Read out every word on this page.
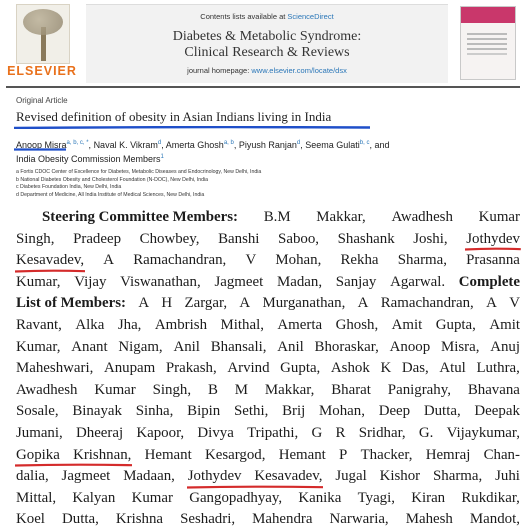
ELSEVIER
Contents lists available at ScienceDirect
Diabetes & Metabolic Syndrome:
Clinical Research & Reviews
journal homepage: www.elsevier.com/locate/dsx
Original Article
Revised definition of obesity in Asian Indians living in India
Anoop Misra$^{a, b, c, *}$, Naval K. Vikram$^d$, Amerta Ghosh$^{a, b}$, Piyush Ranjan$^d$, Seema Gulati$^{b, c}$, and
India Obesity Commission Members$^1$
a Fortis CDOC Center of Excellence for Diabetes, Metabolic Diseases and Endocrinology, New Delhi, India
b National Diabetes Obesity and Cholesterol Foundation (N-DOC), New Delhi, India
c Diabetes Foundation India, New Delhi, India
d Department of Medicine, All India Institute of Medical Sciences, New Delhi, India
Steering Committee Members: B.M Makkar, Awadhesh Kumar
Singh, Pradeep Chowbey, Banshi Saboo, Shashank Joshi, Jothydev
Kesavadev, A Ramachandran, V Mohan, Rekha Sharma, Prasanna
Kumar, Vijay Viswanathan, Jagmeet Madan, Sanjay Agarwal. Complete
List of Members: A H Zargar, A Murganathan, A Ramachandran, A V
Ravant, Alka Jha, Ambrish Mithal, Amerta Ghosh, Amit Gupta, Amit
Kumar, Anant Nigam, Anil Bhansali, Anil Bhoraskar, Anoop Misra, Anuj
Maheshwari, Anupam Prakash, Arvind Gupta, Ashok K Das, Atul Luthra,
Awadhesh Kumar Singh, B M Makkar, Bharat Panigrahy, Bhavana
Sosale, Binayak Sinha, Bipin Sethi, Brij Mohan, Deep Dutta, Deepak
Jumani, Dheeraj Kapoor, Divya Tripathi, G R Sridhar, G. Vijaykumar,
Gopika Krishnan, Hemant Kesargod, Hemant P Thacker, Hemraj Chan-
dalia, Jagmeet Madaan, Jothydev Kesavadev, Jugal Kishor Sharma, Juhi
Mittal, Kalyan Kumar Gangopadhyay, Kanika Tyagi, Kiran Rukdikar,
Koel Dutta, Krishna Seshadri, Mahendra Narwaria, Mahesh Mandot,
